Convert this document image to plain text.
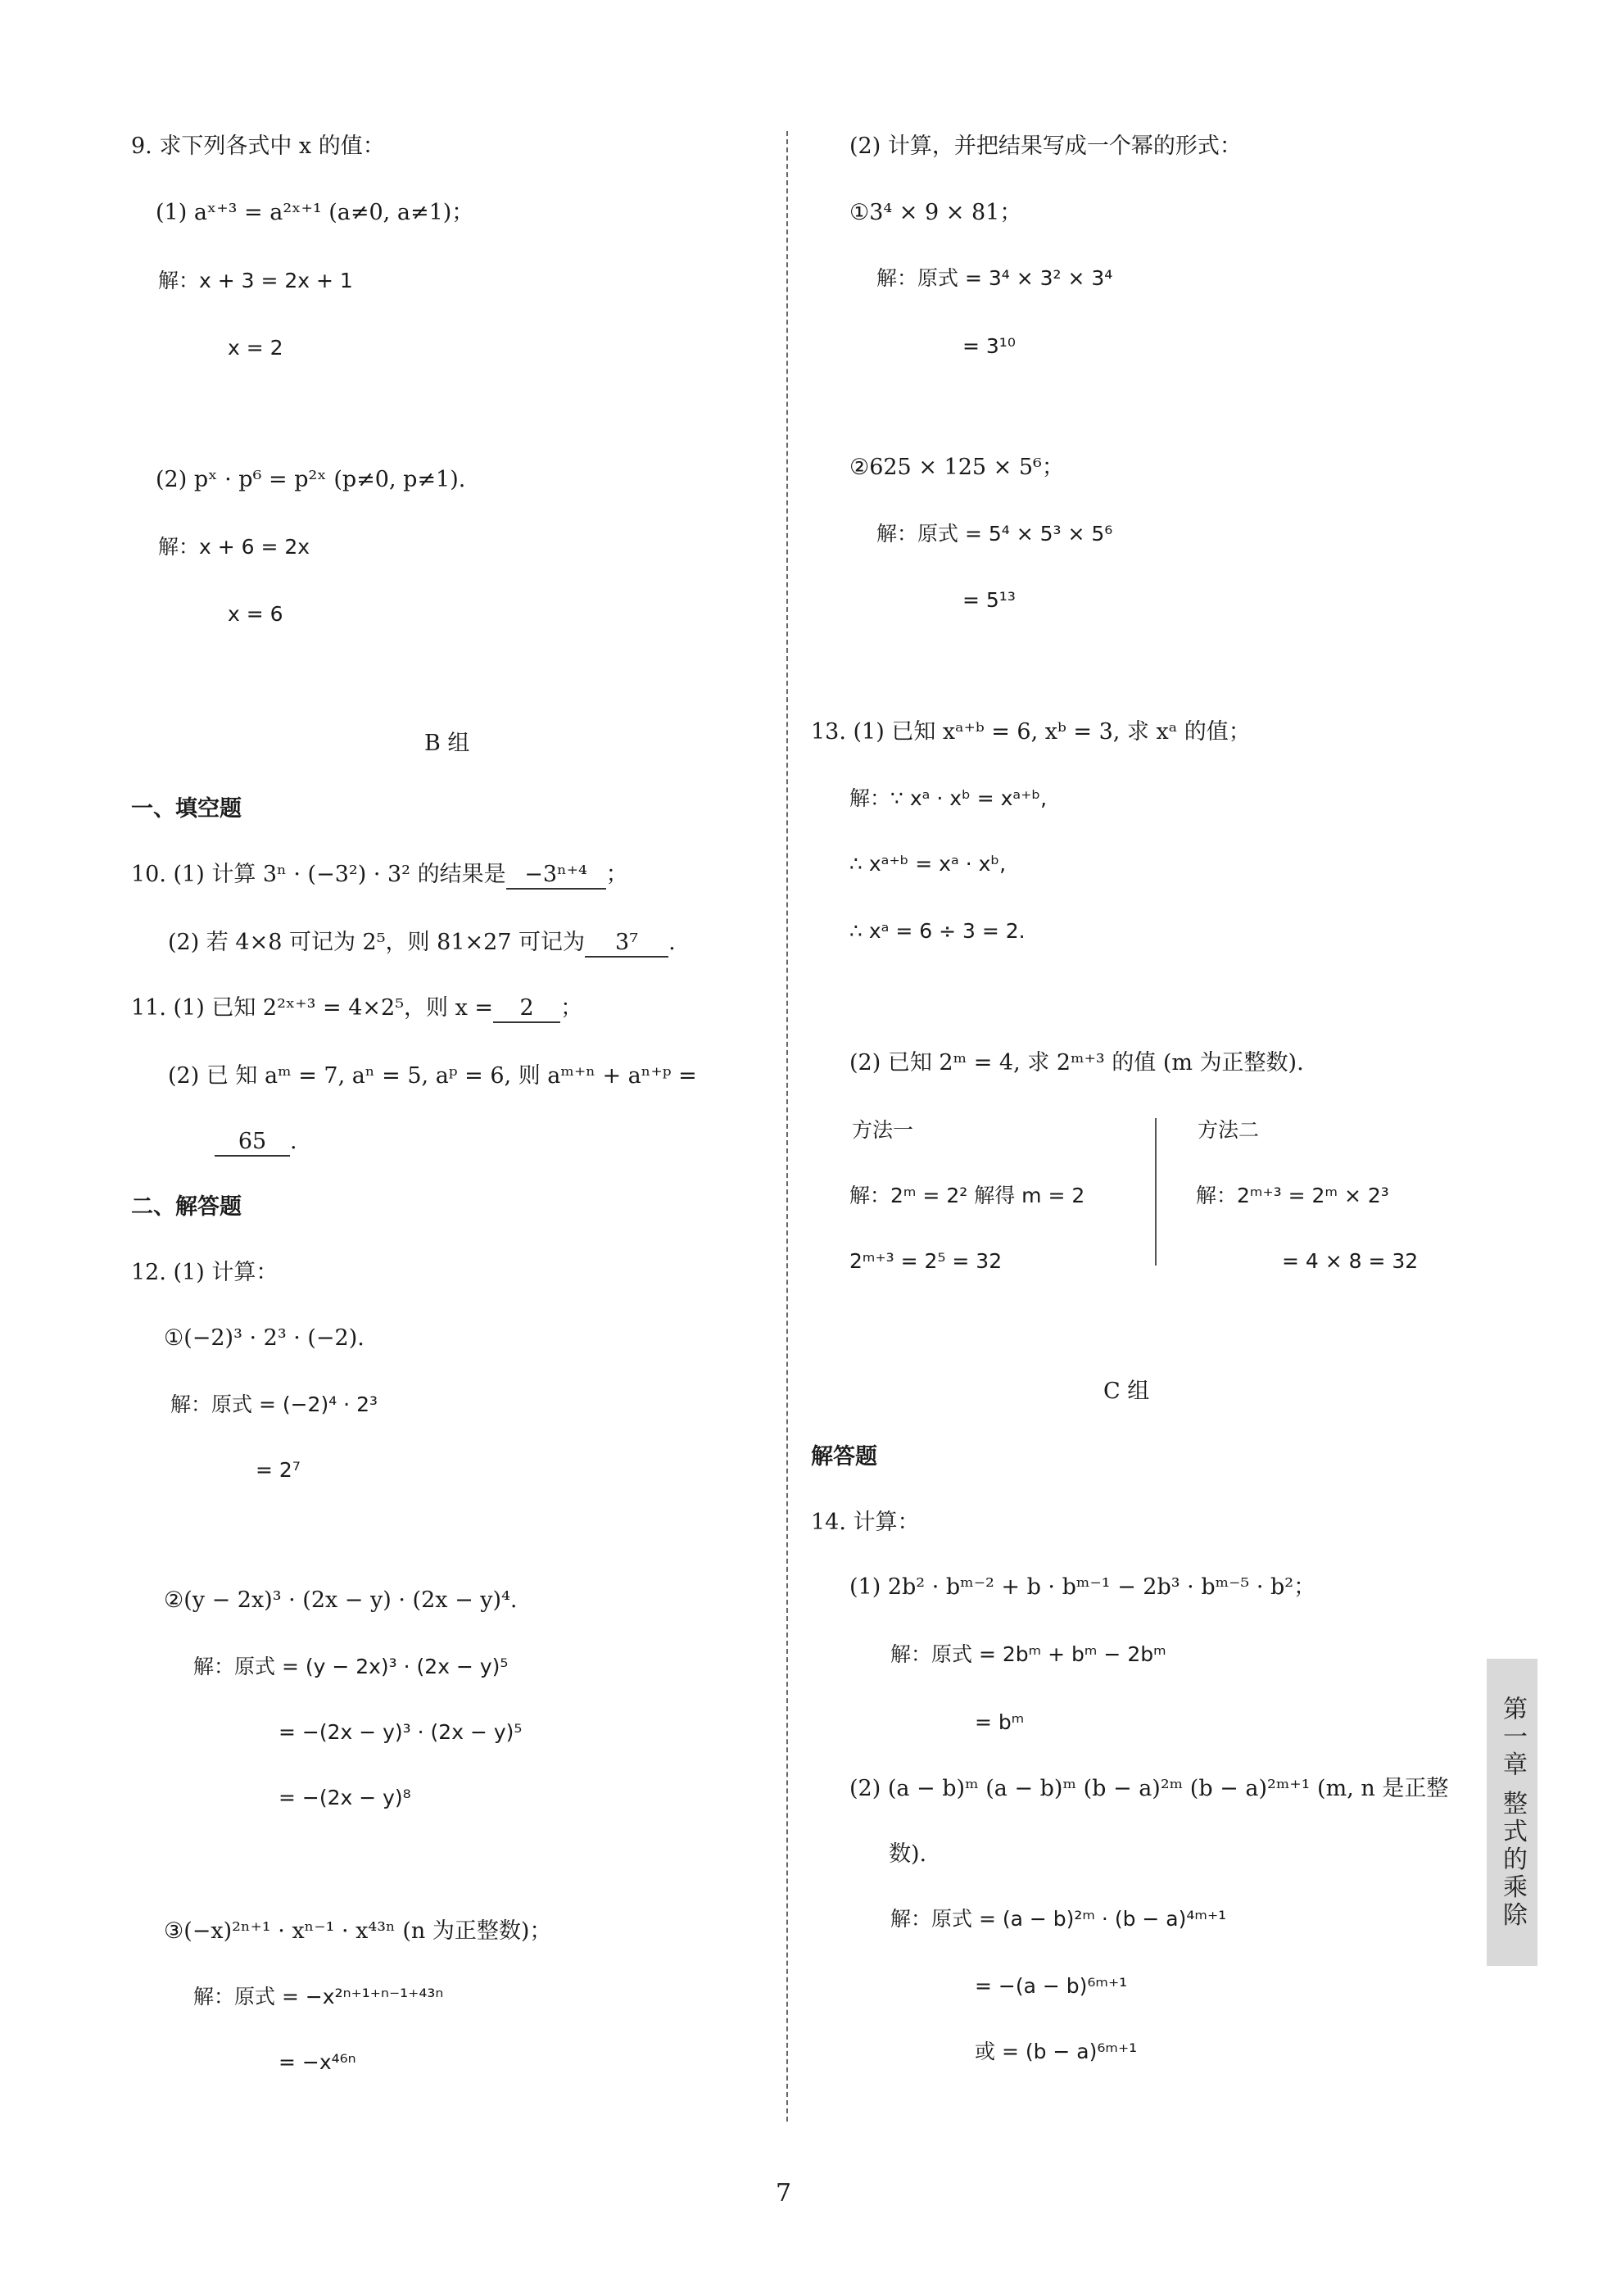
9. 求下列各式中 x 的值：
(1) aˣ⁺³ = a²ˣ⁺¹ (a≠0, a≠1)；
解：x + 3 = 2x + 1
x = 2
(2) pˣ · p⁶ = p²ˣ (p≠0, p≠1).
解：x + 6 = 2x
x = 6
B 组
一、填空题
10. (1) 计算 3ⁿ · (−3²) · 3² 的结果是 −3ⁿ⁺⁴ ；
(2) 若 4×8 可记为 2⁵，则 81×27 可记为 3⁷ .
11. (1) 已知 2²ˣ⁺³ = 4×2⁵，则 x = 2 ；
(2) 已 知 aᵐ = 7, aⁿ = 5, aᵖ = 6, 则 aᵐ⁺ⁿ + aⁿ⁺ᵖ =
65 .
二、解答题
12. (1) 计算：
①(−2)³ · 2³ · (−2).
解：原式 = (−2)⁴ · 2³
= 2⁷
②(y − 2x)³ · (2x − y) · (2x − y)⁴.
解：原式 = (y − 2x)³ · (2x − y)⁵
= −(2x − y)³ · (2x − y)⁵
= −(2x − y)⁸
③(−x)²ⁿ⁺¹ · xⁿ⁻¹ · x⁴³ⁿ (n 为正整数)；
解：原式 = −x²ⁿ⁺¹⁺ⁿ⁻¹⁺⁴³ⁿ
= −x⁴⁶ⁿ
(2) 计算，并把结果写成一个幂的形式：
①3⁴ × 9 × 81；
解：原式 = 3⁴ × 3² × 3⁴
= 3¹⁰
②625 × 125 × 5⁶；
解：原式 = 5⁴ × 5³ × 5⁶
= 5¹³
13. (1) 已知 xᵃ⁺ᵇ = 6, xᵇ = 3, 求 xᵃ 的值；
解：∵ xᵃ · xᵇ = xᵃ⁺ᵇ,
∴ xᵃ⁺ᵇ = xᵃ · xᵇ,
∴ xᵃ = 6 ÷ 3 = 2.
(2) 已知 2ᵐ = 4, 求 2ᵐ⁺³ 的值 (m 为正整数).
方法一
解：2ᵐ = 2² 解得 m = 2
2ᵐ⁺³ = 2⁵ = 32
方法二
解：2ᵐ⁺³ = 2ᵐ × 2³
= 4 × 8 = 32
C 组
解答题
14. 计算：
(1) 2b² · bᵐ⁻² + b · bᵐ⁻¹ − 2b³ · bᵐ⁻⁵ · b²；
解：原式 = 2bᵐ + bᵐ − 2bᵐ
= bᵐ
(2) (a − b)ᵐ (a − b)ᵐ (b − a)²ᵐ (b − a)²ᵐ⁺¹ (m, n 是正整
数).
解：原式 = (a − b)²ᵐ · (b − a)⁴ᵐ⁺¹
= −(a − b)⁶ᵐ⁺¹
或 = (b − a)⁶ᵐ⁺¹
第一章 整式的乘除
7
